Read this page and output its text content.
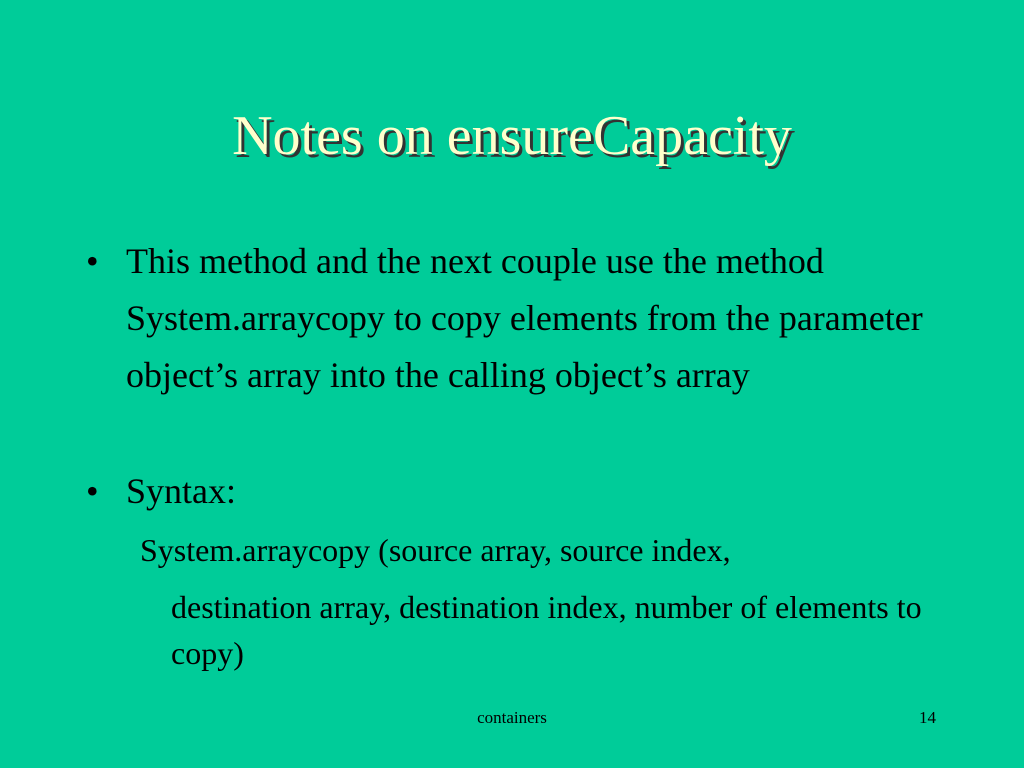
Notes on ensureCapacity
• This method and the next couple use the method System.arraycopy to copy elements from the parameter object’s array into the calling object’s array
• Syntax:
System.arraycopy (source array, source index,
destination array, destination index, number of elements to copy)
containers	14
